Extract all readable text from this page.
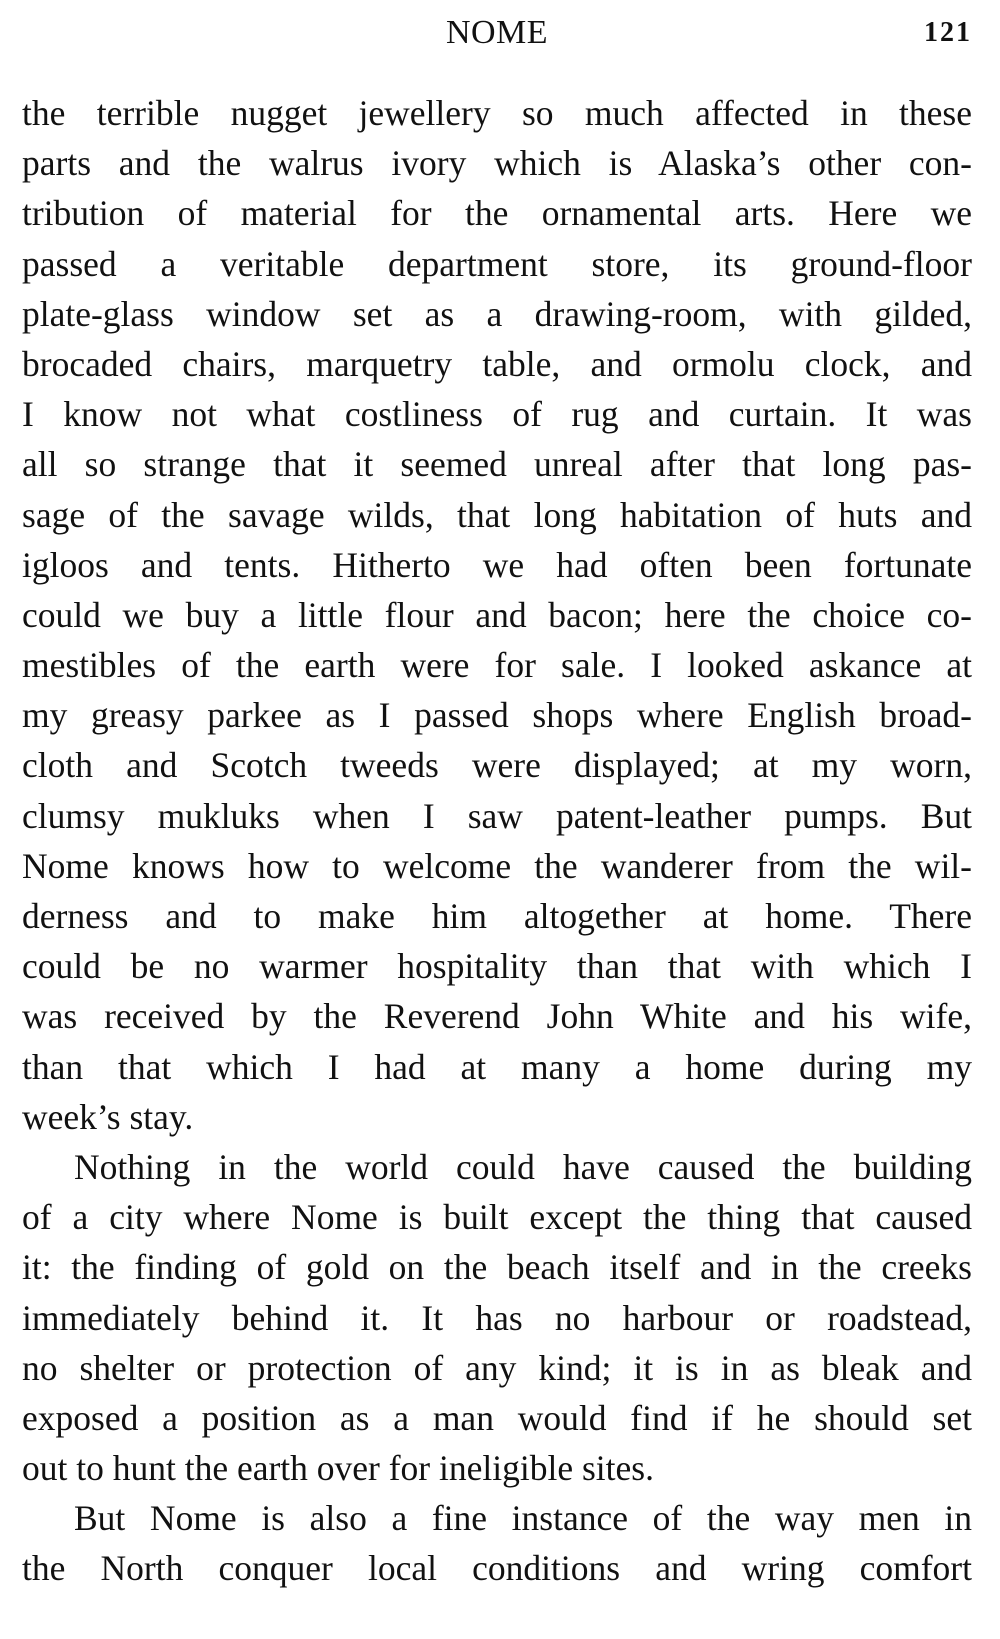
NOME	121
the terrible nugget jewellery so much affected in these
parts and the walrus ivory which is Alaska’s other con-
tribution of material for the ornamental arts. Here we
passed a veritable department store, its ground-floor
plate-glass window set as a drawing-room, with gilded,
brocaded chairs, marquetry table, and ormolu clock, and
I know not what costliness of rug and curtain. It was
all so strange that it seemed unreal after that long pas-
sage of the savage wilds, that long habitation of huts and
igloos and tents. Hitherto we had often been fortunate
could we buy a little flour and bacon; here the choice co-
mestibles of the earth were for sale. I looked askance at
my greasy parkee as I passed shops where English broad-
cloth and Scotch tweeds were displayed; at my worn,
clumsy mukluks when I saw patent-leather pumps. But
Nome knows how to welcome the wanderer from the wil-
derness and to make him altogether at home. There
could be no warmer hospitality than that with which I
was received by the Reverend John White and his wife,
than that which I had at many a home during my
week’s stay.
Nothing in the world could have caused the building
of a city where Nome is built except the thing that caused
it: the finding of gold on the beach itself and in the creeks
immediately behind it. It has no harbour or roadstead,
no shelter or protection of any kind; it is in as bleak and
exposed a position as a man would find if he should set
out to hunt the earth over for ineligible sites.
But Nome is also a fine instance of the way men in
the North conquer local conditions and wring comfort
